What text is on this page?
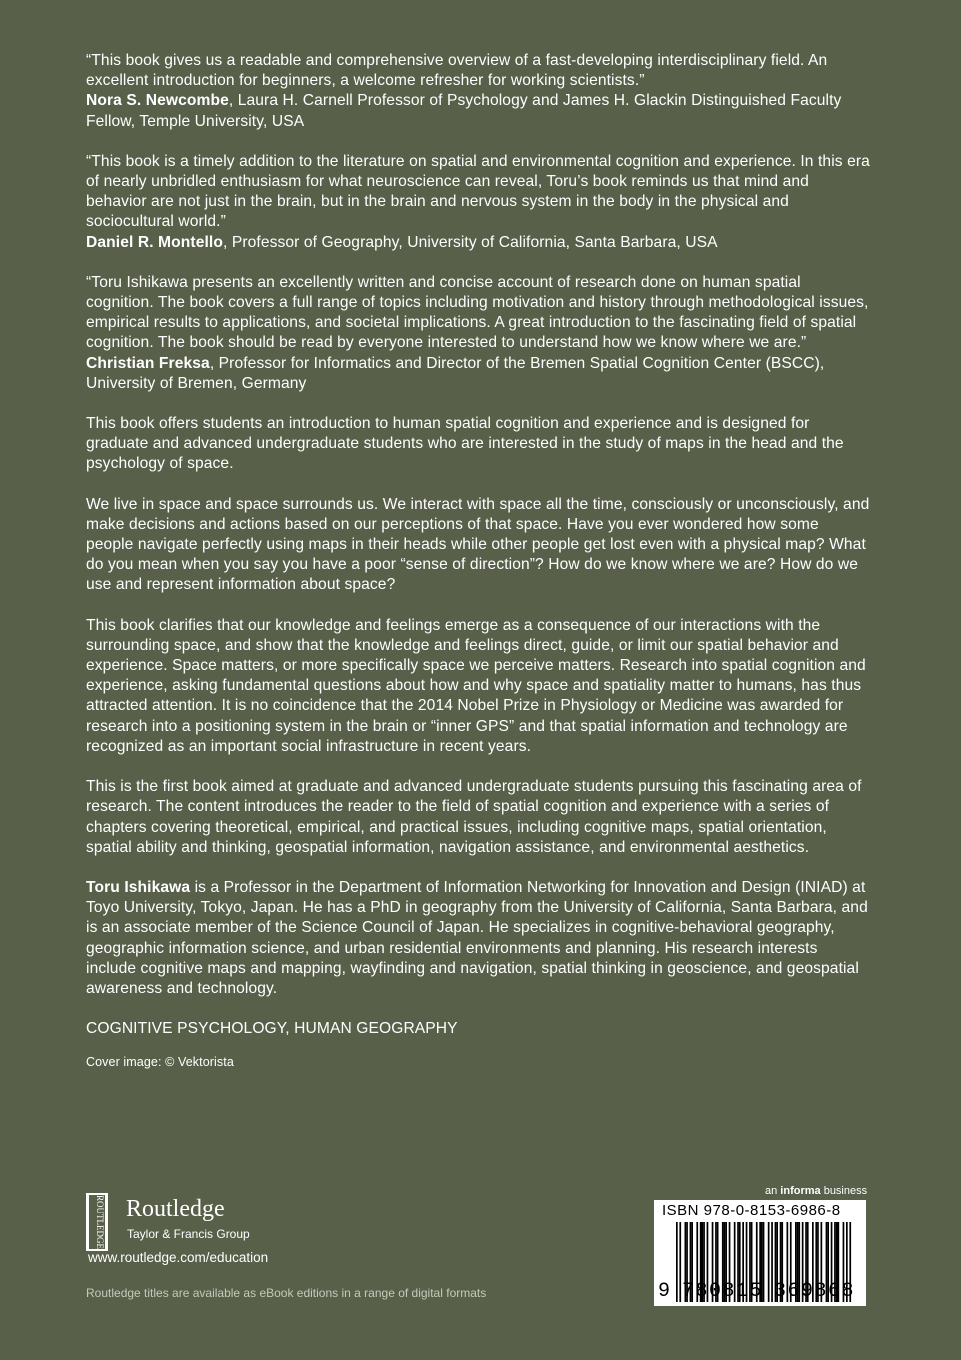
“This book gives us a readable and comprehensive overview of a fast-developing interdisciplinary field. An excellent introduction for beginners, a welcome refresher for working scientists.”

Nora S. Newcombe, Laura H. Carnell Professor of Psychology and James H. Glackin Distinguished Faculty Fellow, Temple University, USA

“This book is a timely addition to the literature on spatial and environmental cognition and experience. In this era of nearly unbridled enthusiasm for what neuroscience can reveal, Toru’s book reminds us that mind and behavior are not just in the brain, but in the brain and nervous system in the body in the physical and sociocultural world.”

Daniel R. Montello, Professor of Geography, University of California, Santa Barbara, USA

“Toru Ishikawa presents an excellently written and concise account of research done on human spatial cognition. The book covers a full range of topics including motivation and history through methodological issues, empirical results to applications, and societal implications. A great introduction to the fascinating field of spatial cognition. The book should be read by everyone interested to understand how we know where we are.”

Christian Freksa, Professor for Informatics and Director of the Bremen Spatial Cognition Center (BSCC), University of Bremen, Germany

This book offers students an introduction to human spatial cognition and experience and is designed for graduate and advanced undergraduate students who are interested in the study of maps in the head and the psychology of space.

We live in space and space surrounds us. We interact with space all the time, consciously or unconsciously, and make decisions and actions based on our perceptions of that space. Have you ever wondered how some people navigate perfectly using maps in their heads while other people get lost even with a physical map? What do you mean when you say you have a poor “sense of direction”? How do we know where we are? How do we use and represent information about space?

This book clarifies that our knowledge and feelings emerge as a consequence of our interactions with the surrounding space, and show that the knowledge and feelings direct, guide, or limit our spatial behavior and experience. Space matters, or more specifically space we perceive matters. Research into spatial cognition and experience, asking fundamental questions about how and why space and spatiality matter to humans, has thus attracted attention. It is no coincidence that the 2014 Nobel Prize in Physiology or Medicine was awarded for research into a positioning system in the brain or “inner GPS” and that spatial information and technology are recognized as an important social infrastructure in recent years.

This is the first book aimed at graduate and advanced undergraduate students pursuing this fascinating area of research. The content introduces the reader to the field of spatial cognition and experience with a series of chapters covering theoretical, empirical, and practical issues, including cognitive maps, spatial orientation, spatial ability and thinking, geospatial information, navigation assistance, and environmental aesthetics.

Toru Ishikawa is a Professor in the Department of Information Networking for Innovation and Design (INIAD) at Toyo University, Tokyo, Japan. He has a PhD in geography from the University of California, Santa Barbara, and is an associate member of the Science Council of Japan. He specializes in cognitive-behavioral geography, geographic information science, and urban residential environments and planning. His research interests include cognitive maps and mapping, wayfinding and navigation, spatial thinking in geoscience, and geospatial awareness and technology.

COGNITIVE PSYCHOLOGY, HUMAN GEOGRAPHY
Cover image: © Vektorista
ROUTLEDGE Routledge
Taylor & Francis Group
www.routledge.com/education
Routledge titles are available as eBook editions in a range of digital formats
an informa business
ISBN 978-0-8153-6986-8
9 780815 369868
